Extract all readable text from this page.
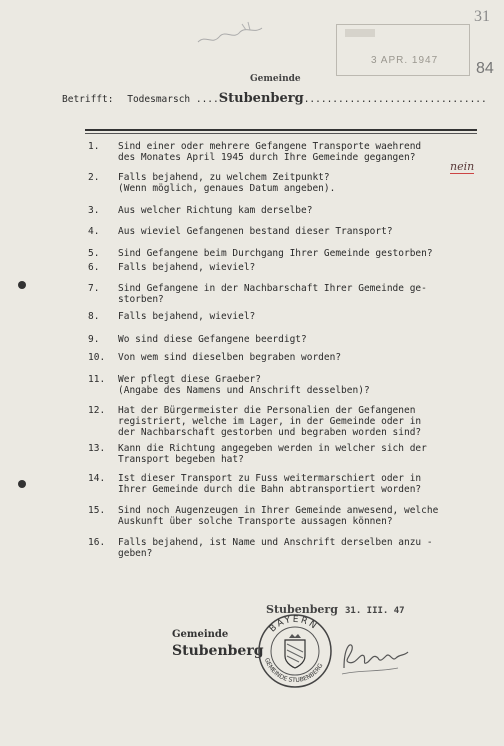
31
84
3 APR. 1947
Gemeinde
Betrifft: Todesmarsch ....Stubenberg................................
1. Sind einer oder mehrere Gefangene Transporte waehrend
des Monates April 1945 durch Ihre Gemeinde gegangen?
2. Falls bejahend, zu welchem Zeitpunkt?
(Wenn möglich, genaues Datum angeben).
3. Aus welcher Richtung kam derselbe?
4. Aus wieviel Gefangenen bestand dieser Transport?
5. Sind Gefangene beim Durchgang Ihrer Gemeinde gestorben?
6. Falls bejahend, wieviel?
7. Sind Gefangene in der Nachbarschaft Ihrer Gemeinde ge-
storben?
8. Falls bejahend, wieviel?
9. Wo sind diese Gefangene beerdigt?
10. Von wem sind dieselben begraben worden?
11. Wer pflegt diese Graeber?
(Angabe des Namens und Anschrift desselben)?
12. Hat der Bürgermeister die Personalien der Gefangenen
registriert, welche im Lager, in der Gemeinde oder in
der Nachbarschaft gestorben und begraben worden sind?
13. Kann die Richtung angegeben werden in welcher sich der
Transport begeben hat?
14. Ist dieser Transport zu Fuss weitermarschiert oder in
Ihrer Gemeinde durch die Bahn abtransportiert worden?
15. Sind noch Augenzeugen in Ihrer Gemeinde anwesend, welche
Auskunft über solche Transporte aussagen können?
16. Falls bejahend, ist Name und Anschrift derselben anzu -
geben?
nein
Stubenberg 31. III. 47
Gemeinde
Stubenberg
BAYERN
GEMEINDE STUBENBERG
